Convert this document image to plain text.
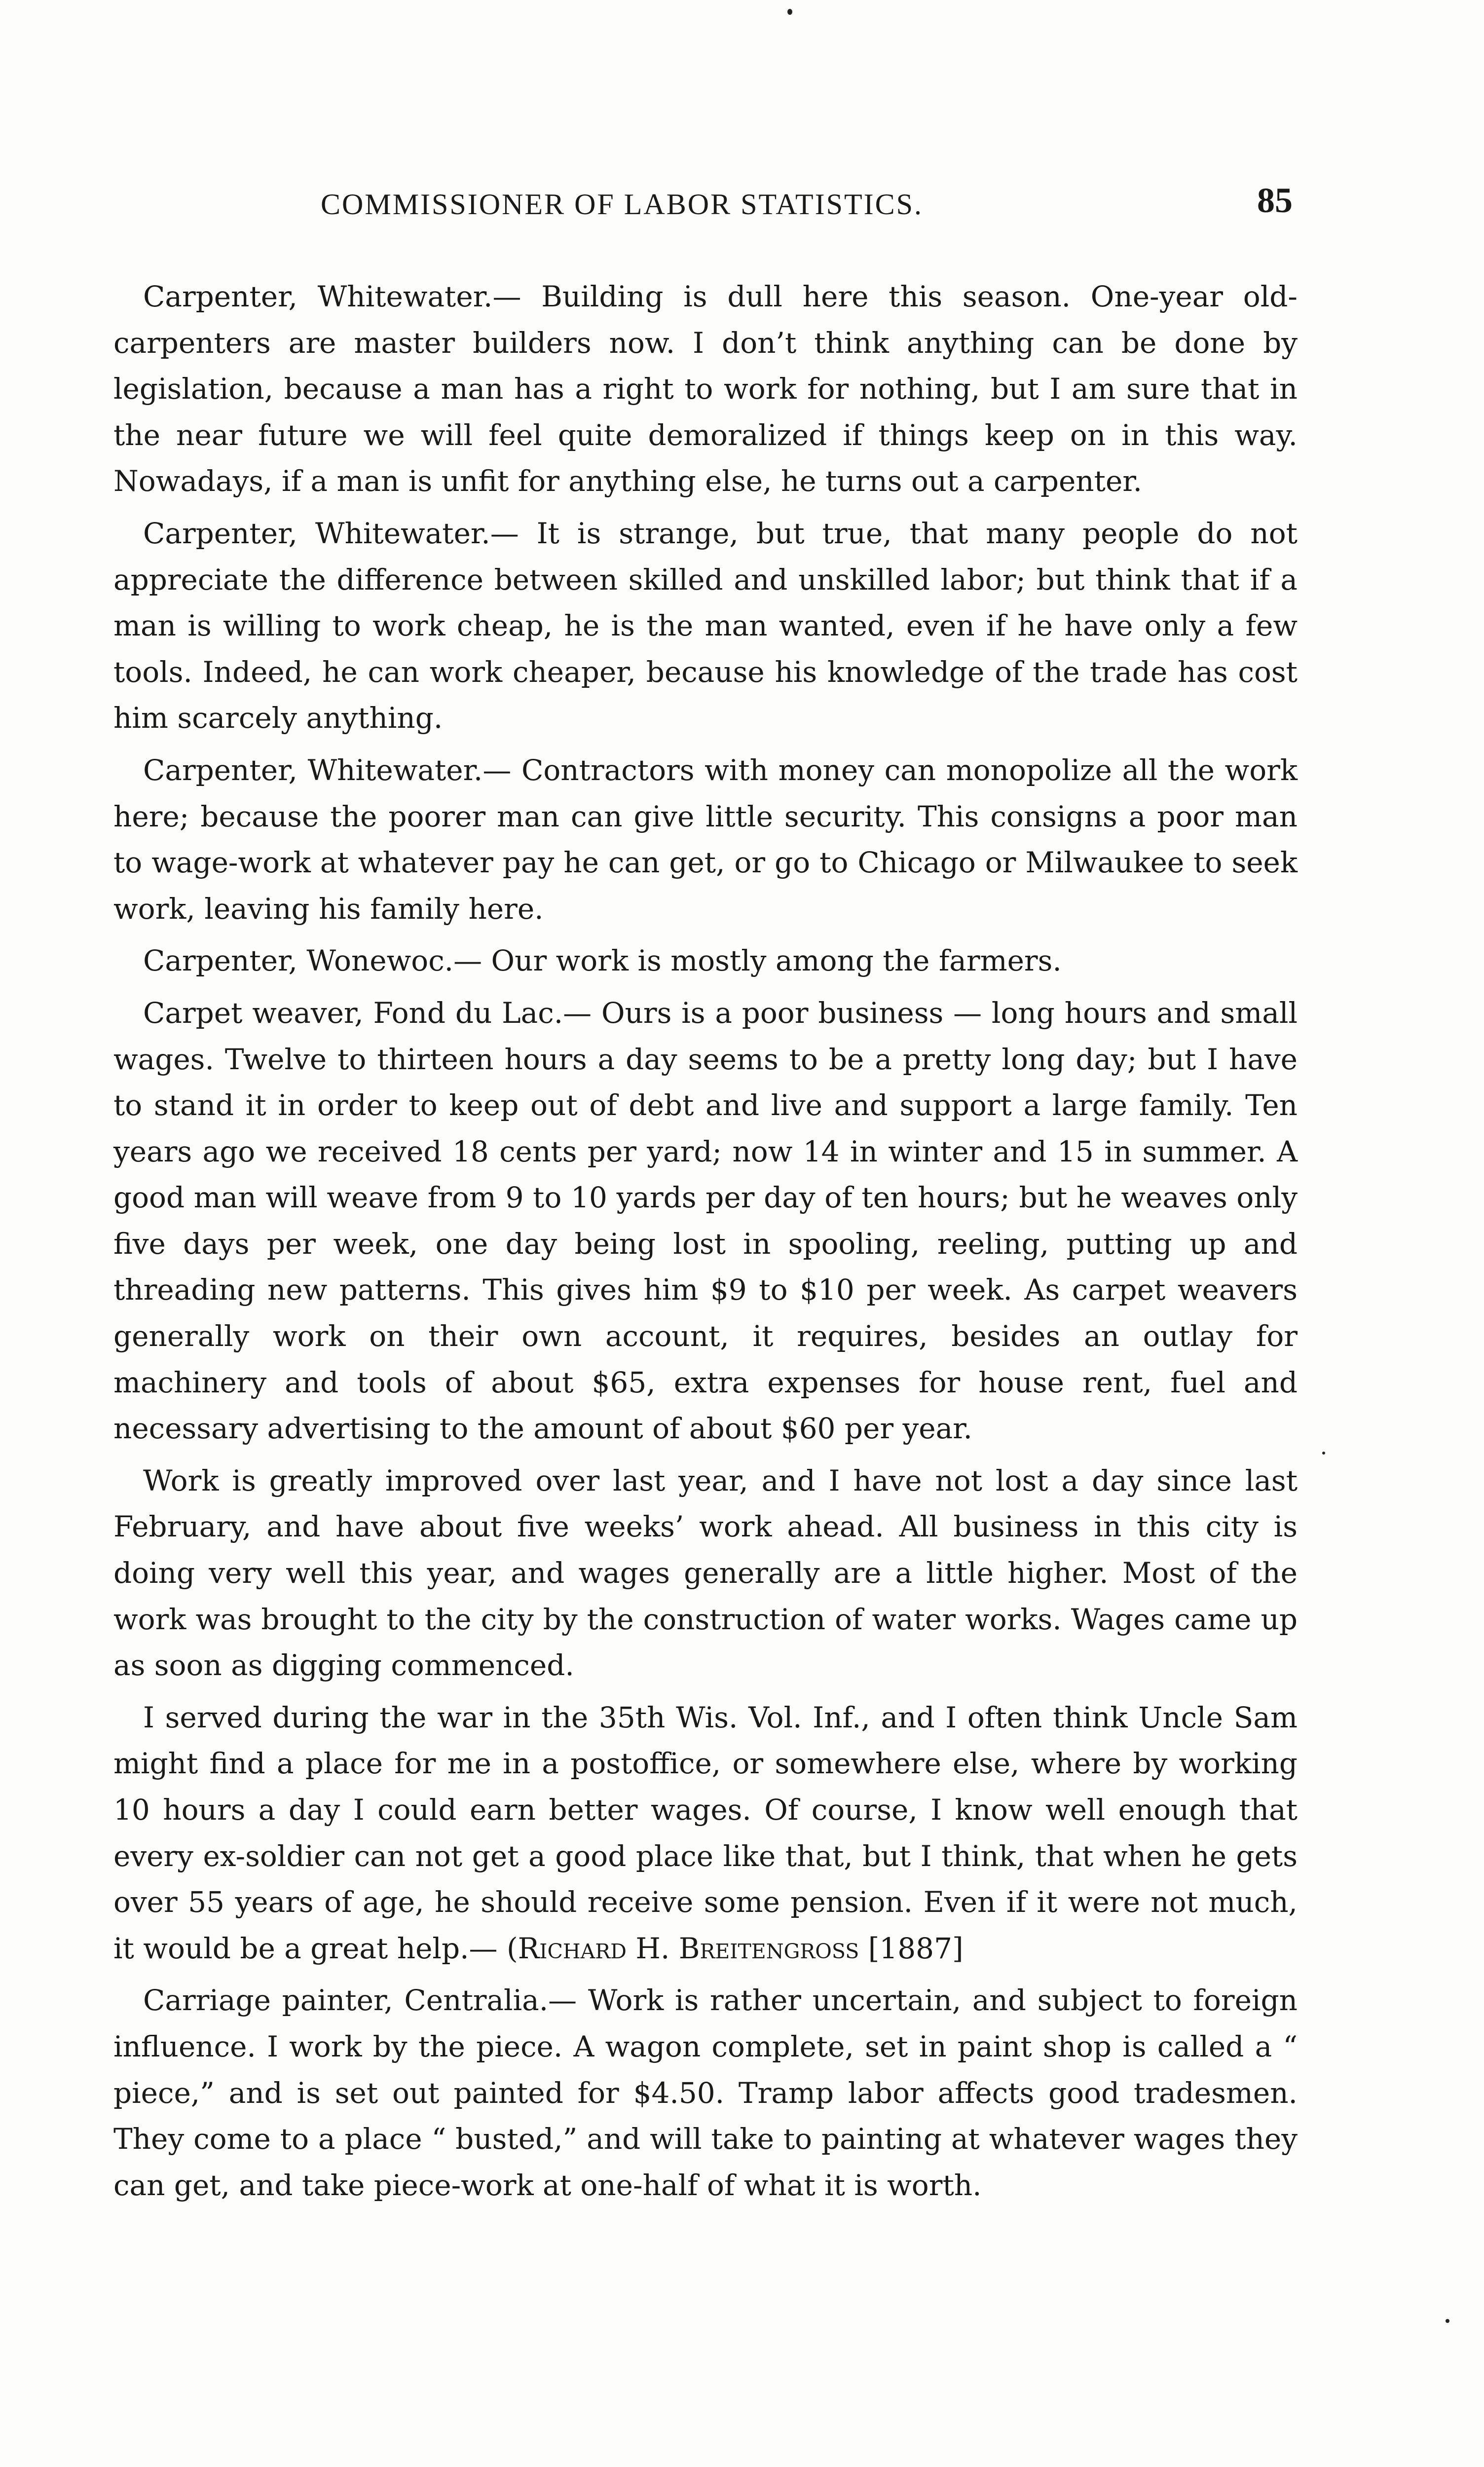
COMMISSIONER OF LABOR STATISTICS.	85

Carpenter, Whitewater.— Building is dull here this season. One-year old-carpenters are master builders now. I don’t think anything can be done by legislation, because a man has a right to work for nothing, but I am sure that in the near future we will feel quite demoralized if things keep on in this way. Nowadays, if a man is unfit for anything else, he turns out a carpenter.

Carpenter, Whitewater.— It is strange, but true, that many people do not appreciate the difference between skilled and unskilled labor; but think that if a man is willing to work cheap, he is the man wanted, even if he have only a few tools. Indeed, he can work cheaper, because his knowledge of the trade has cost him scarcely anything.

Carpenter, Whitewater.— Contractors with money can monopolize all the work here; because the poorer man can give little security. This consigns a poor man to wage-work at whatever pay he can get, or go to Chicago or Milwaukee to seek work, leaving his family here.

Carpenter, Wonewoc.— Our work is mostly among the farmers.

Carpet weaver, Fond du Lac.— Ours is a poor business — long hours and small wages. Twelve to thirteen hours a day seems to be a pretty long day; but I have to stand it in order to keep out of debt and live and support a large family. Ten years ago we received 18 cents per yard; now 14 in winter and 15 in summer. A good man will weave from 9 to 10 yards per day of ten hours; but he weaves only five days per week, one day being lost in spooling, reeling, putting up and threading new patterns. This gives him $9 to $10 per week. As carpet weavers generally work on their own account, it requires, besides an outlay for machinery and tools of about $65, extra expenses for house rent, fuel and necessary advertising to the amount of about $60 per year.

Work is greatly improved over last year, and I have not lost a day since last February, and have about five weeks’ work ahead. All business in this city is doing very well this year, and wages generally are a little higher. Most of the work was brought to the city by the construction of water works. Wages came up as soon as digging commenced.

I served during the war in the 35th Wis. Vol. Inf., and I often think Uncle Sam might find a place for me in a postoffice, or somewhere else, where by working 10 hours a day I could earn better wages. Of course, I know well enough that every ex-soldier can not get a good place like that, but I think, that when he gets over 55 years of age, he should receive some pension. Even if it were not much, it would be a great help.— (Richard H. Breitengross [1887]

Carriage painter, Centralia.— Work is rather uncertain, and subject to foreign influence. I work by the piece. A wagon complete, set in paint shop is called a “ piece,” and is set out painted for $4.50. Tramp labor affects good tradesmen. They come to a place “ busted,” and will take to painting at whatever wages they can get, and take piece-work at one-half of what it is worth.
